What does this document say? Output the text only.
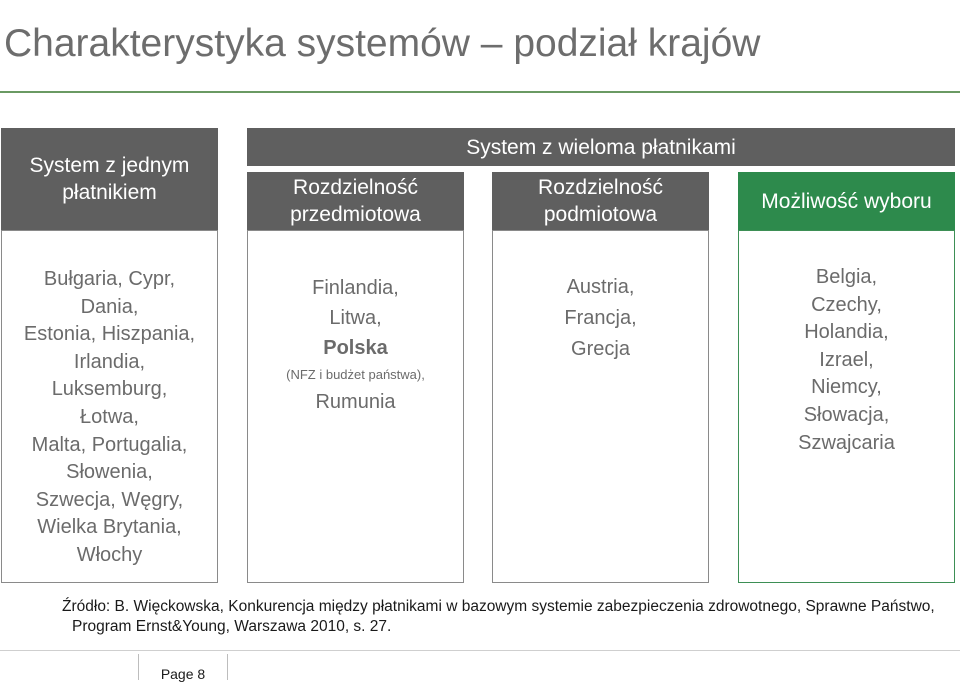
Charakterystyka systemów – podział krajów
System z jednym
płatnikiem
System z wieloma płatnikami
Rozdzielność
przedmiotowa
Rozdzielność
podmiotowa
Możliwość wyboru
Bułgaria, Cypr,
Dania,
Estonia, Hiszpania,
Irlandia,
Luksemburg,
Łotwa,
Malta, Portugalia,
Słowenia,
Szwecja, Węgry,
Wielka Brytania,
Włochy
Finlandia,
Litwa,
Polska
(NFZ i budżet państwa),
Rumunia
Austria,
Francja,
Grecja
Belgia,
Czechy,
Holandia,
Izrael,
Niemcy,
Słowacja,
Szwajcaria
Źródło: B. Więckowska, Konkurencja między płatnikami w bazowym systemie zabezpieczenia zdrowotnego, Sprawne Państwo,
Program Ernst&Young, Warszawa 2010, s. 27.
Page 8
